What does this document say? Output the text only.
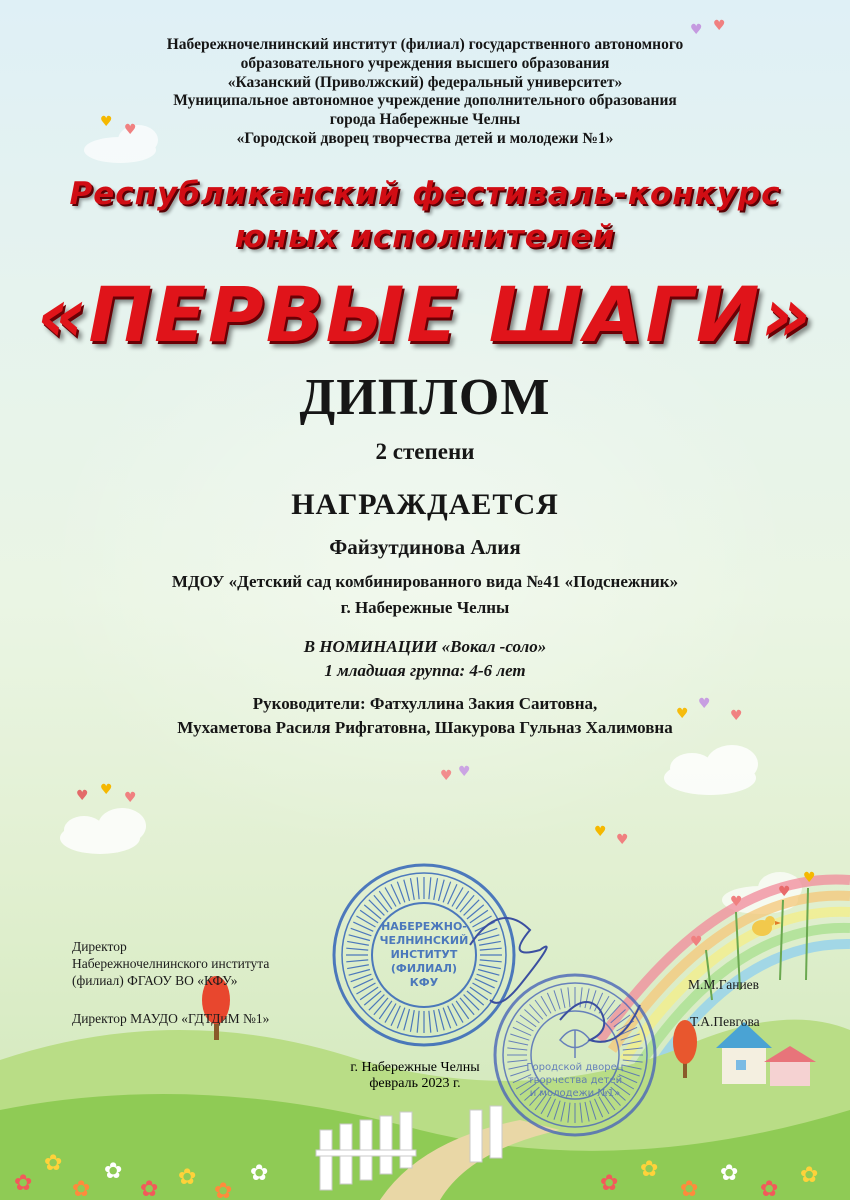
♥ ♥
♥ ♥
♥
♥
♥
♥
♥ ♥
♥ ♥
♥ ♥
♥
♥
♥
♥
✿
✿
✿
✿
✿ ✿
✿
✿	✿
✿
✿
✿
✿
✿
Набережночелнинский институт (филиал) государственного автономного
образовательного учреждения высшего образования
«Казанский (Приволжский) федеральный университет»
Муниципальное автономное учреждение дополнительного образования
города Набережные Челны
«Городской дворец творчества детей и молодежи №1»
Республиканский фестиваль-конкурс
юных исполнителей
«ПЕРВЫЕ ШАГИ»
ДИПЛОМ
2 степени
НАГРАЖДАЕТСЯ
Файзутдинова Алия
МДОУ «Детский сад комбинированного вида №41 «Подснежник»
г. Набережные Челны
В НОМИНАЦИИ «Вокал -соло»
1 младшая группа: 4-6 лет
Руководители: Фатхуллина Закия Саитовна,
Мухаметова Расиля Рифгатовна, Шакурова Гульназ Халимовна
НАБЕРЕЖНО-
ЧЕЛНИНСКИЙ
ИНСТИТУТ
(ФИЛИАЛ)
КФУ
Городской дворец
творчества детей
и молодежи №1»
Директор
Набережночелнинского института
(филиал) ФГАОУ ВО «КФУ»
Директор МАУДО «ГДТДиМ №1»
М.М.Ганиев
Т.А.Певгова
г. Набережные Челны
февраль 2023 г.
